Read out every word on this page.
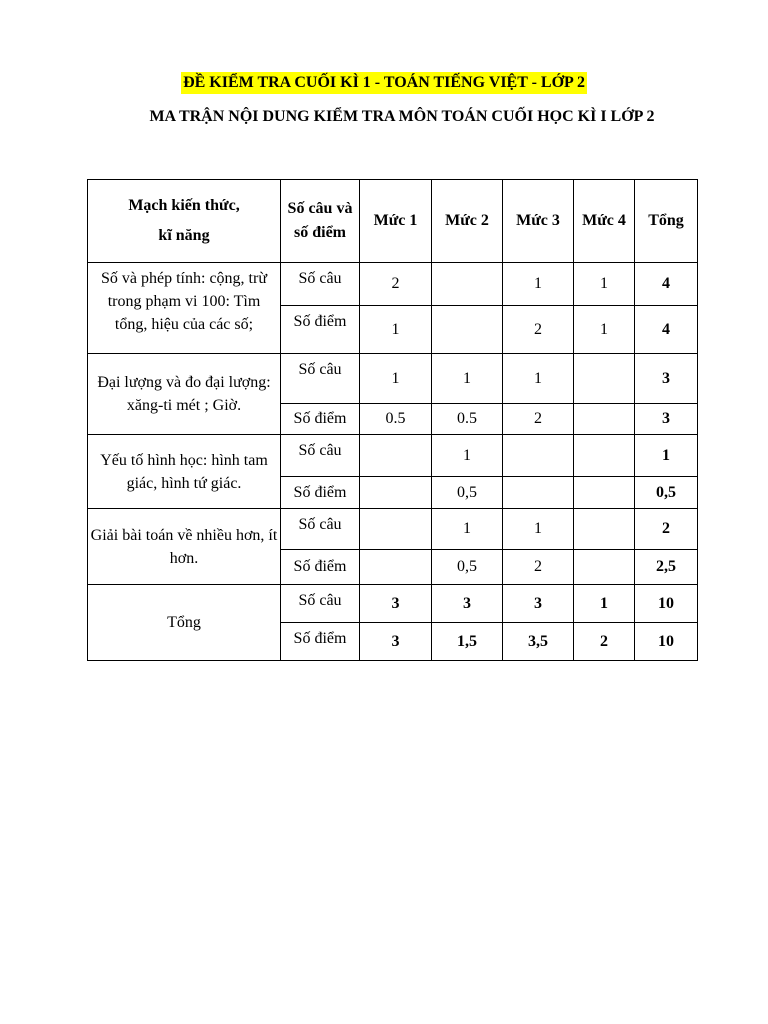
ĐỀ KIỂM TRA CUỐI KÌ 1 - TOÁN TIẾNG VIỆT - LỚP 2
MA TRẬN NỘI DUNG KIỂM TRA MÔN TOÁN CUỐI HỌC KÌ I LỚP 2
Mạch kiến thức,
kĩ năng	Số câu và số điểm	Mức 1	Mức 2	Mức 3	Mức 4	Tổng
Số và phép tính: cộng, trừ trong phạm vi 100: Tìm tổng, hiệu của các số;	Số câu	2		1	1	4
	Số điểm	1		2	1	4
Đại lượng và đo đại lượng: xăng-ti mét ; Giờ.	Số câu	1	1	1		3
	Số điểm	0.5	0.5	2		3
Yếu tố hình học: hình tam giác, hình tứ giác.	Số câu		1			1
	Số điểm		0,5			0,5
Giải bài toán về nhiều hơn, ít hơn.	Số câu		1	1		2
	Số điểm		0,5	2		2,5
Tổng	Số câu	3	3	3	1	10
	Số điểm	3	1,5	3,5	2	10
